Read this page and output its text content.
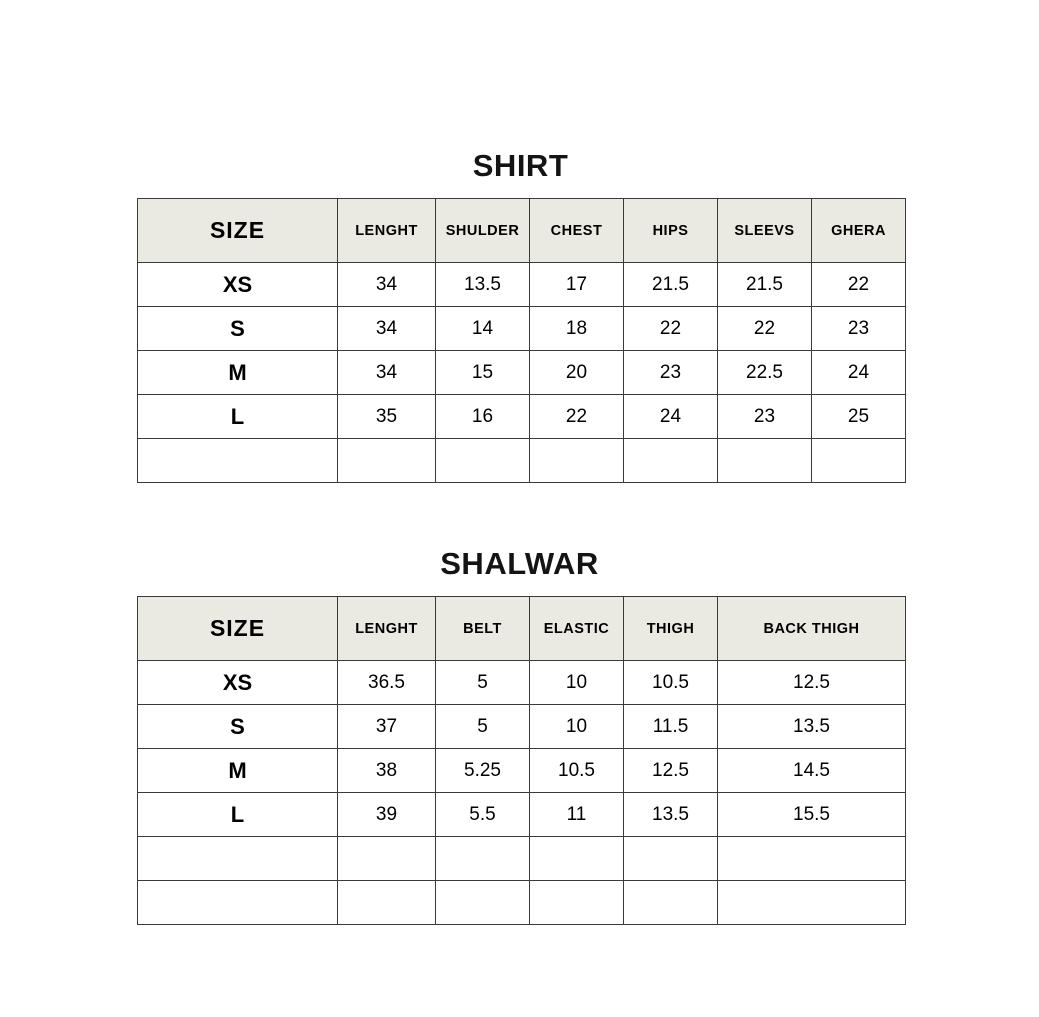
SHIRT
SIZE	LENGHT	SHULDER	CHEST	HIPS	SLEEVS	GHERA
XS	34	13.5	17	21.5	21.5	22
S	34	14	18	22	22	23
M	34	15	20	23	22.5	24
L	35	16	22	24	23	25

SHALWAR
SIZE	LENGHT	BELT	ELASTIC	THIGH	BACK THIGH
XS	36.5	5	10	10.5	12.5
S	37	5	10	11.5	13.5
M	38	5.25	10.5	12.5	14.5
L	39	5.5	11	13.5	15.5
